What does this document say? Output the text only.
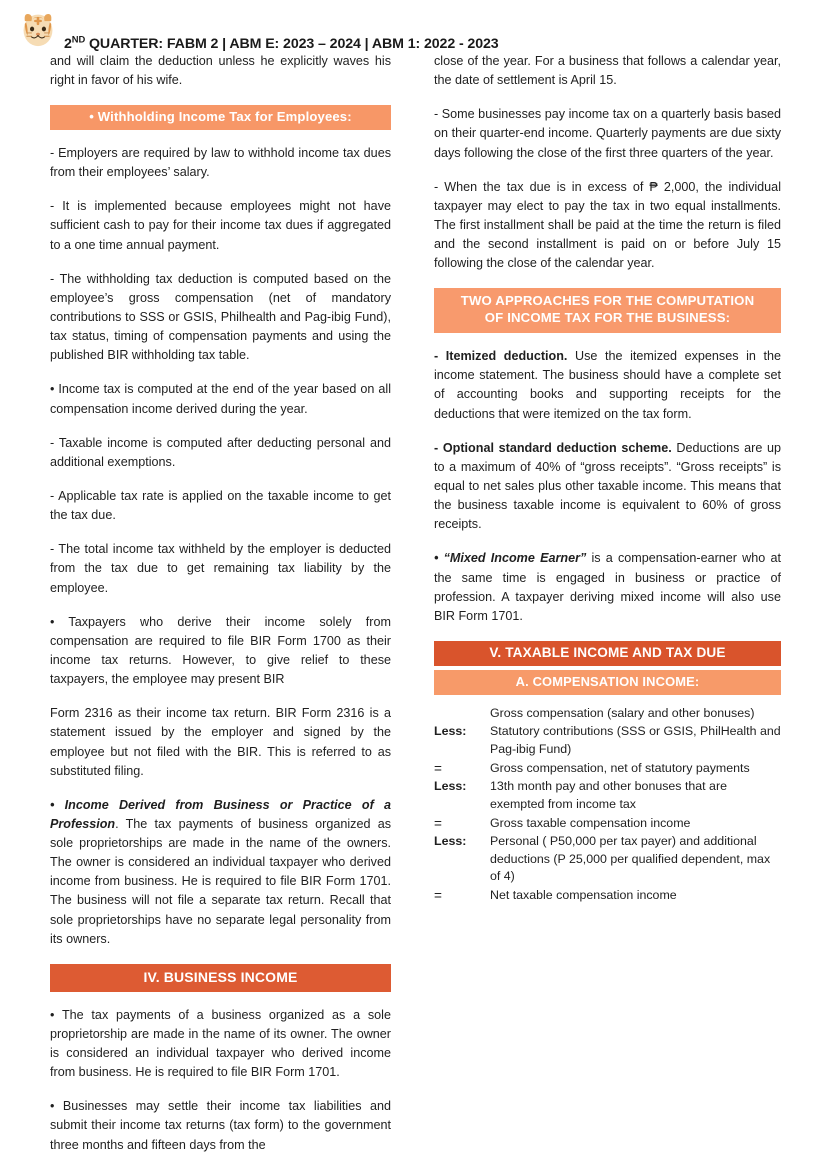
2ND QUARTER: FABM 2 | ABM E: 2023 – 2024 | ABM 1: 2022 - 2023

and will claim the deduction unless he explicitly waves his right in favor of his wife.

• Withholding Income Tax for Employees:

- Employers are required by law to withhold income tax dues from their employees’ salary.

- It is implemented because employees might not have sufficient cash to pay for their income tax dues if aggregated to a one time annual payment.

- The withholding tax deduction is computed based on the employee’s gross compensation (net of mandatory contributions to SSS or GSIS, Philhealth and Pag-ibig Fund), tax status, timing of compensation payments and using the published BIR withholding tax table.

• Income tax is computed at the end of the year based on all compensation income derived during the year.

- Taxable income is computed after deducting personal and additional exemptions.

- Applicable tax rate is applied on the taxable income to get the tax due.

- The total income tax withheld by the employer is deducted from the tax due to get remaining tax liability by the employee.

• Taxpayers who derive their income solely from compensation are required to file BIR Form 1700 as their income tax returns. However, to give relief to these taxpayers, the employee may present BIR

Form 2316 as their income tax return. BIR Form 2316 is a statement issued by the employer and signed by the employee but not filed with the BIR. This is referred to as substituted filing.

• Income Derived from Business or Practice of a Profession. The tax payments of business organized as sole proprietorships are made in the name of the owners. The owner is considered an individual taxpayer who derived income from business. He is required to file BIR Form 1701. The business will not file a separate tax return. Recall that sole proprietorships have no separate legal personality from its owners.

IV. BUSINESS INCOME

• The tax payments of a business organized as a sole proprietorship are made in the name of its owner. The owner is considered an individual taxpayer who derived income from business. He is required to file BIR Form 1701.

• Businesses may settle their income tax liabilities and submit their income tax returns (tax form) to the government three months and fifteen days from the

close of the year. For a business that follows a calendar year, the date of settlement is April 15.

- Some businesses pay income tax on a quarterly basis based on their quarter-end income. Quarterly payments are due sixty days following the close of the first three quarters of the year.

- When the tax due is in excess of ₱ 2,000, the individual taxpayer may elect to pay the tax in two equal installments. The first installment shall be paid at the time the return is filed and the second installment is paid on or before July 15 following the close of the calendar year.

TWO APPROACHES FOR THE COMPUTATION
OF INCOME TAX FOR THE BUSINESS:

- Itemized deduction. Use the itemized expenses in the income statement. The business should have a complete set of accounting books and supporting receipts for the deductions that were itemized on the tax form.

- Optional standard deduction scheme. Deductions are up to a maximum of 40% of “gross receipts”. “Gross receipts” is equal to net sales plus other taxable income. This means that the business taxable income is equivalent to 60% of gross receipts.

• “Mixed Income Earner” is a compensation-earner who at the same time is engaged in business or practice of profession. A taxpayer deriving mixed income will also use BIR Form 1701.

V. TAXABLE INCOME AND TAX DUE
A. COMPENSATION INCOME:
	Gross compensation (salary and other bonuses)
Less:	Statutory contributions (SSS or GSIS, PhilHealth and Pag-ibig Fund)
=	Gross compensation, net of statutory payments
Less:	13th month pay and other bonuses that are exempted from income tax
=	Gross taxable compensation income
Less:	Personal ( P50,000 per tax payer) and additional deductions (P 25,000 per qualified dependent, max of 4)
=	Net taxable compensation income
